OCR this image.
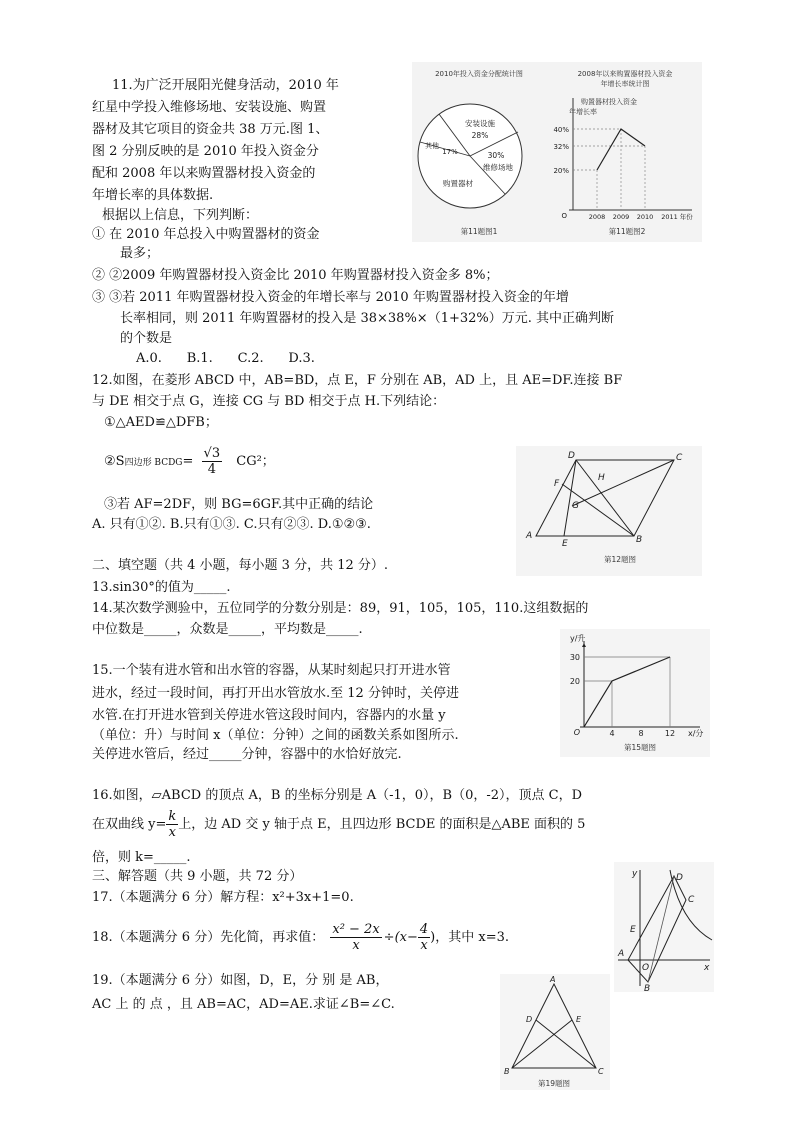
11.为广泛开展阳光健身活动，2010 年
红星中学投入维修场地、安装设施、购置
器材及其它项目的资金共 38 万元.图 1、
图 2 分别反映的是 2010 年投入资金分
配和 2008 年以来购置器材投入资金的
年增长率的具体数据.
根据以上信息，下列判断：
① 在 2010 年总投入中购置器材的资金
最多；
② ②2009 年购置器材投入资金比 2010 年购置器材投入资金多 8%；
③ ③若 2011 年购置器材投入资金的年增长率与 2010 年购置器材投入资金的年增
长率相同，则 2011 年购置器材的投入是 38×38%×（1+32%）万元. 其中正确判断
的个数是
A.0.      B.1.      C.2.      D.3.
2010年投入资金分配统计图
安装设施
28%
30%
维修场地
购置器材
其他
17%
第11题图1
2008年以来购置器材投入资金
年增长率统计图
购置器材投入资金
年增长率
40%
32%
20%
O	2008 2009 2010 2011 年份
第11题图2
12.如图，在菱形 ABCD 中，AB=BD，点 E，F 分别在 AB，AD 上，且 AE=DF.连接 BF
与 DE 相交于点 G，连接 CG 与 BD 相交于点 H.下列结论：
①△AED≌△DFB；
②S四边形 BCDG= $\frac{√3}{4} CG^2$；
③若 AF=2DF，则 BG=6GF.其中正确的结论
A. 只有①②. B.只有①③. C.只有②③. D.①②③.
D	C
F
H
G
A
E	B
第12题图
二、填空题（共 4 小题，每小题 3 分，共 12 分）.
13.sin30°的值为_____.
14.某次数学测验中，五位同学的分数分别是：89，91，105，105，110.这组数据的
中位数是_____，众数是_____，平均数是_____.
15.一个装有进水管和出水管的容器，从某时刻起只打开进水管
进水，经过一段时间，再打开出水管放水.至 12 分钟时，关停进
水管.在打开进水管到关停进水管这段时间内，容器内的水量 y
（单位：升）与时间 x（单位：分钟）之间的函数关系如图所示.
关停进水管后，经过_____分钟，容器中的水恰好放完.
y/升
30
20
O	4	8	12 x/分
第15题图
16.如图，▱ABCD 的顶点 A，B 的坐标分别是 A（-1，0），B（0，-2），顶点 C，D
在双曲线 $y= \frac{k}{x}$ 上，边 AD 交 y 轴于点 E，且四边形 BCDE 的面积是△ABE 面积的 5
倍，则 k=_____.
三、解答题（共 9 小题，共 72 分）
17.（本题满分 6 分）解方程：x²+3x+1=0.
y
x
D
C
E
A
O
B
18.（本题满分 6 分）先化简，再求值： $\frac{\text{x² − 2x}}{x} \div(x- \frac{4}{x}$ )，其中 x=3.
19.（本题满分 6 分）如图，D，E，分 别 是 AB，
AC 上 的 点 ，且 AB=AC，AD=AE.求证∠B=∠C.
A
D	E
B	C
第19题图
